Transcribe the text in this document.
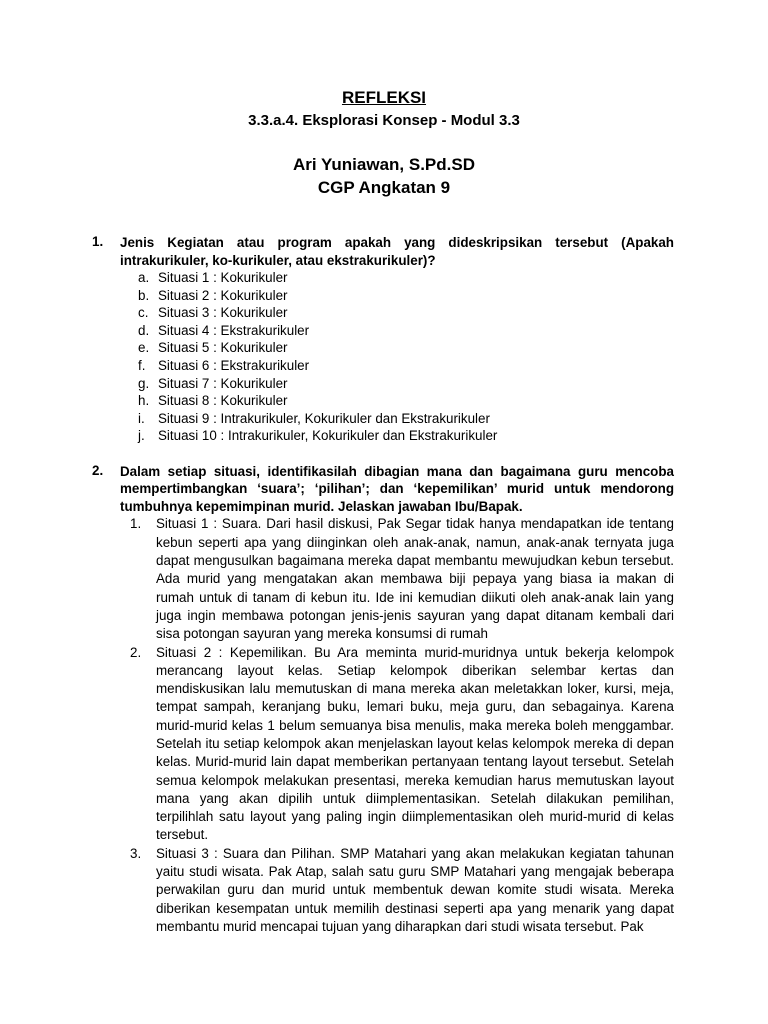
REFLEKSI
3.3.a.4. Eksplorasi Konsep - Modul 3.3
Ari Yuniawan, S.Pd.SD
CGP Angkatan 9
1. Jenis Kegiatan atau program apakah yang dideskripsikan tersebut (Apakah intrakurikuler, ko-kurikuler, atau ekstrakurikuler)?
a. Situasi 1 : Kokurikuler
b. Situasi 2 : Kokurikuler
c. Situasi 3 : Kokurikuler
d. Situasi 4 : Ekstrakurikuler
e. Situasi 5 : Kokurikuler
f. Situasi 6 : Ekstrakurikuler
g. Situasi 7 : Kokurikuler
h. Situasi 8 : Kokurikuler
i. Situasi 9 : Intrakurikuler, Kokurikuler dan Ekstrakurikuler
j. Situasi 10 : Intrakurikuler, Kokurikuler dan Ekstrakurikuler
2. Dalam setiap situasi, identifikasilah dibagian mana dan bagaimana guru mencoba mempertimbangkan ‘suara’; ‘pilihan’; dan ‘kepemilikan’ murid untuk mendorong tumbuhnya kepemimpinan murid. Jelaskan jawaban Ibu/Bapak.
1. Situasi 1 : Suara. Dari hasil diskusi, Pak Segar tidak hanya mendapatkan ide tentang kebun seperti apa yang diinginkan oleh anak-anak, namun, anak-anak ternyata juga dapat mengusulkan bagaimana mereka dapat membantu mewujudkan kebun tersebut. Ada murid yang mengatakan akan membawa biji pepaya yang biasa ia makan di rumah untuk di tanam di kebun itu. Ide ini kemudian diikuti oleh anak-anak lain yang juga ingin membawa potongan jenis-jenis sayuran yang dapat ditanam kembali dari sisa potongan sayuran yang mereka konsumsi di rumah
2. Situasi 2 : Kepemilikan. Bu Ara meminta murid-muridnya untuk bekerja kelompok merancang layout kelas. Setiap kelompok diberikan selembar kertas dan mendiskusikan lalu memutuskan di mana mereka akan meletakkan loker, kursi, meja, tempat sampah, keranjang buku, lemari buku, meja guru, dan sebagainya. Karena murid-murid kelas 1 belum semuanya bisa menulis, maka mereka boleh menggambar. Setelah itu setiap kelompok akan menjelaskan layout kelas kelompok mereka di depan kelas. Murid-murid lain dapat memberikan pertanyaan tentang layout tersebut. Setelah semua kelompok melakukan presentasi, mereka kemudian harus memutuskan layout mana yang akan dipilih untuk diimplementasikan. Setelah dilakukan pemilihan, terpilihlah satu layout yang paling ingin diimplementasikan oleh murid-murid di kelas tersebut.
3. Situasi 3 : Suara dan Pilihan. SMP Matahari yang akan melakukan kegiatan tahunan yaitu studi wisata. Pak Atap, salah satu guru SMP Matahari yang mengajak beberapa perwakilan guru dan murid untuk membentuk dewan komite studi wisata. Mereka diberikan kesempatan untuk memilih destinasi seperti apa yang menarik yang dapat membantu murid mencapai tujuan yang diharapkan dari studi wisata tersebut. Pak
